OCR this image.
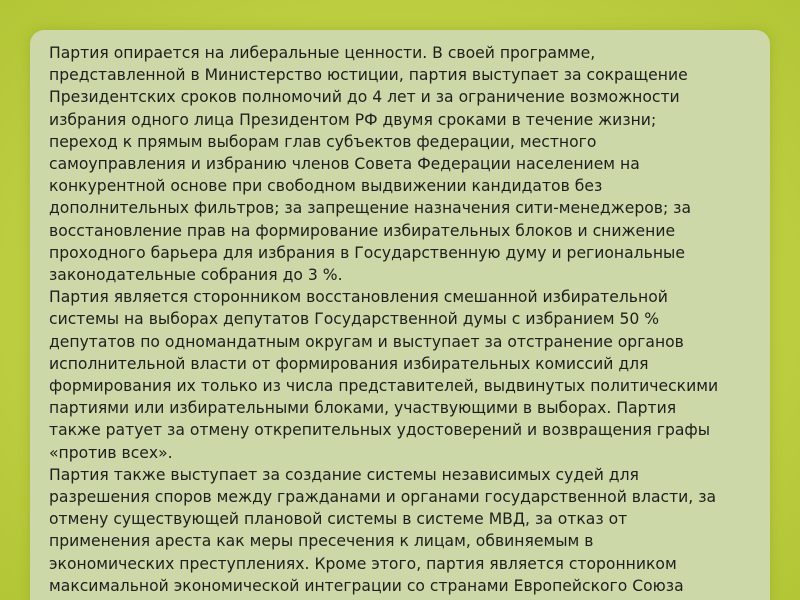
Партия опирается на либеральные ценности. В своей программе,
представленной в Министерство юстиции, партия выступает за сокращение
Президентских сроков полномочий до 4 лет и за ограничение возможности
избрания одного лица Президентом РФ двумя сроками в течение жизни;
переход к прямым выборам глав субъектов федерации, местного
самоуправления и избранию членов Совета Федерации населением на
конкурентной основе при свободном выдвижении кандидатов без
дополнительных фильтров; за запрещение назначения сити-менеджеров; за
восстановление прав на формирование избирательных блоков и снижение
проходного барьера для избрания в Государственную думу и региональные
законодательные собрания до 3 %.
Партия является сторонником восстановления смешанной избирательной
системы на выборах депутатов Государственной думы с избранием 50 %
депутатов по одномандатным округам и выступает за отстранение органов
исполнительной власти от формирования избирательных комиссий для
формирования их только из числа представителей, выдвинутых политическими
партиями или избирательными блоками, участвующими в выборах. Партия
также ратует за отмену открепительных удостоверений и возвращения графы
«против всех».
Партия также выступает за создание системы независимых судей для
разрешения споров между гражданами и органами государственной власти, за
отмену существующей плановой системы в системе МВД, за отказ от
применения ареста как меры пресечения к лицам, обвиняемым в
экономических преступлениях. Кроме этого, партия является сторонником
максимальной экономической интеграции со странами Европейского Союза
